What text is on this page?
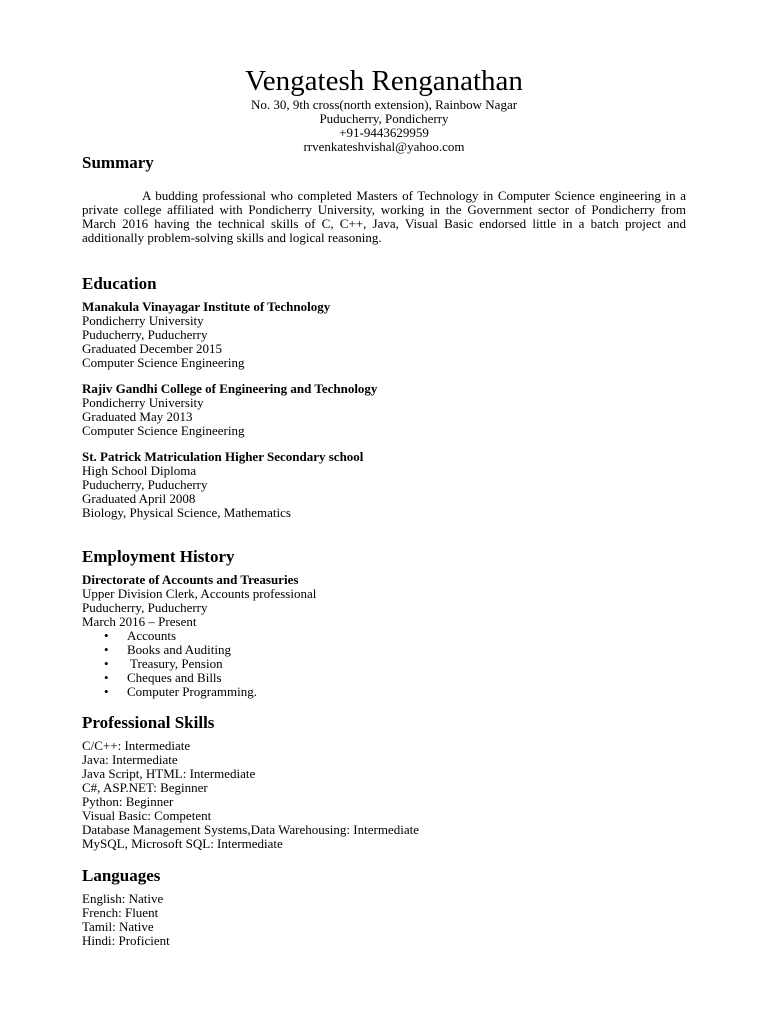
Vengatesh Renganathan
No. 30, 9th cross(north extension), Rainbow Nagar
Puducherry, Pondicherry
+91-9443629959
rrvenkateshvishal@yahoo.com
Summary
A budding professional who completed Masters of Technology in Computer Science engineering in a private college affiliated with Pondicherry University, working in the Government sector of Pondicherry from March 2016 having the technical skills of C, C++, Java, Visual Basic endorsed little in a batch project and additionally problem-solving skills and logical reasoning.
Education
Manakula Vinayagar Institute of Technology
Pondicherry University
Puducherry, Puducherry
Graduated December 2015
Computer Science Engineering
Rajiv Gandhi College of Engineering and Technology
Pondicherry University
Graduated May 2013
Computer Science Engineering
St. Patrick Matriculation Higher Secondary school
High School Diploma
Puducherry, Puducherry
Graduated April 2008
Biology, Physical Science, Mathematics
Employment History
Directorate of Accounts and Treasuries
Upper Division Clerk, Accounts professional
Puducherry, Puducherry
March 2016 – Present
• Accounts
• Books and Auditing
• Treasury, Pension
• Cheques and Bills
• Computer Programming.
Professional Skills
C/C++: Intermediate
Java: Intermediate
Java Script, HTML: Intermediate
C#, ASP.NET: Beginner
Python: Beginner
Visual Basic: Competent
Database Management Systems,Data Warehousing: Intermediate
MySQL, Microsoft SQL: Intermediate
Languages
English: Native
French: Fluent
Tamil: Native
Hindi: Proficient
